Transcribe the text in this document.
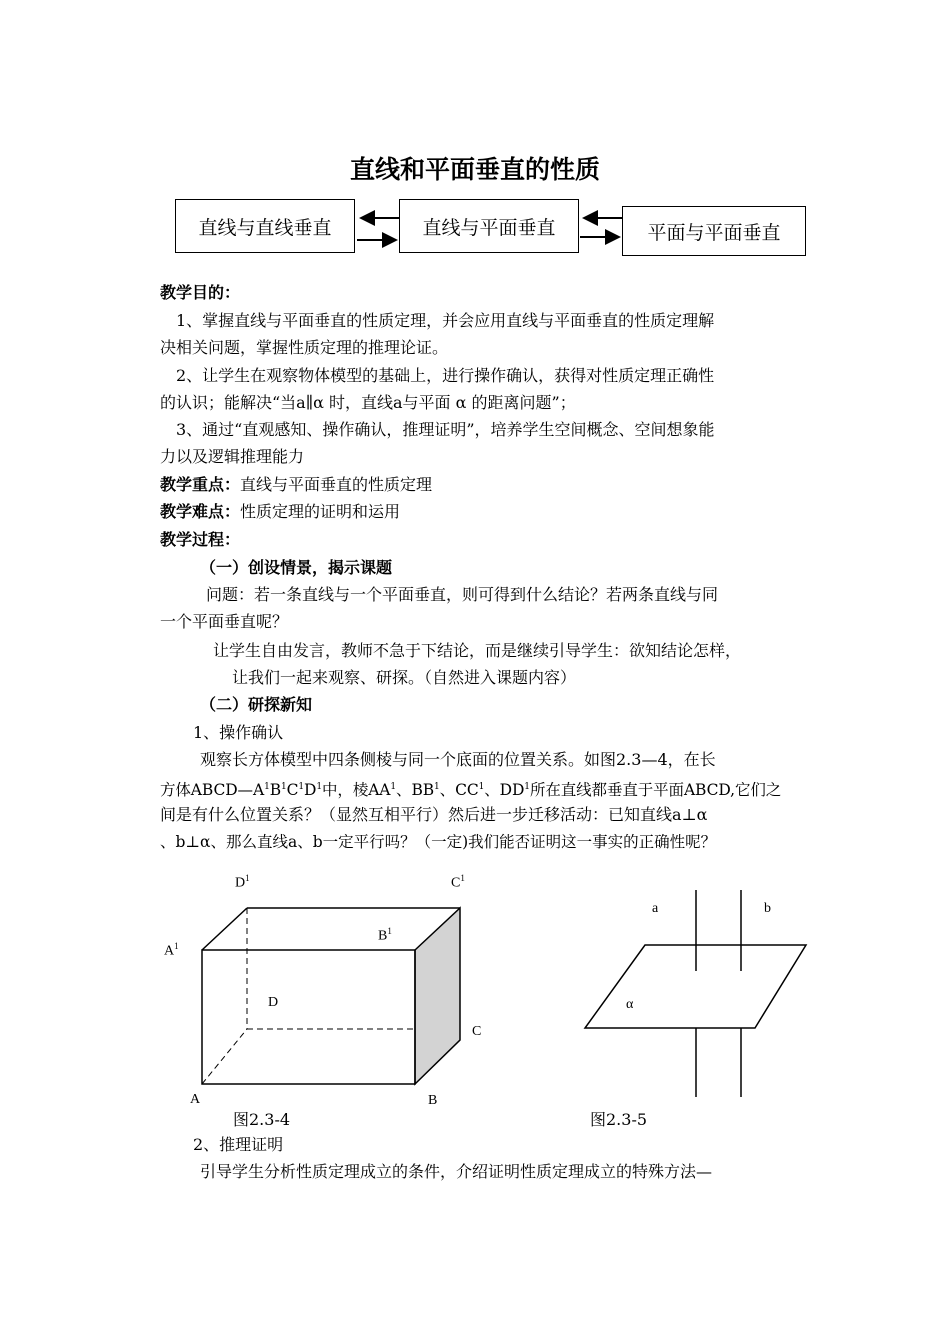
直线和平面垂直的性质
直线与直线垂直	直线与平面垂直	平面与平面垂直
教学目的：
1、掌握直线与平面垂直的性质定理，并会应用直线与平面垂直的性质定理解
决相关问题，掌握性质定理的推理论证。
2、让学生在观察物体模型的基础上，进行操作确认，获得对性质定理正确性
的认识；能解决“当a∥α 时，直线a与平面 α 的距离问题”；
3、通过“直观感知、操作确认，推理证明”，培养学生空间概念、空间想象能
力以及逻辑推理能力
教学重点：直线与平面垂直的性质定理
教学难点：性质定理的证明和运用
教学过程：
（一）创设情景，揭示课题
问题：若一条直线与一个平面垂直，则可得到什么结论？若两条直线与同
一个平面垂直呢？
让学生自由发言，教师不急于下结论，而是继续引导学生：欲知结论怎样，
让我们一起来观察、研探。（自然进入课题内容）
（二）研探新知
1、操作确认
观察长方体模型中四条侧棱与同一个底面的位置关系。如图2.3—4，在长
方体$ABCD—A^1B^1C^1D^1$中，棱$AA^1$、$BB^1$、$CC^1$、$DD^1$所在直线都垂直于平面ABCD,它们之
间是有什么位置关系？（显然互相平行）然后进一步迁移活动：已知直线a⊥α
、b⊥α、那么直线a、b一定平行吗？（一定)我们能否证明这一事实的正确性呢？
$D^1$	$C^1$
$A^1$
$B^1$
D
C
A	B
图2.3-4
a	b
α
图2.3-5
2、推理证明
引导学生分析性质定理成立的条件，介绍证明性质定理成立的特殊方法—
